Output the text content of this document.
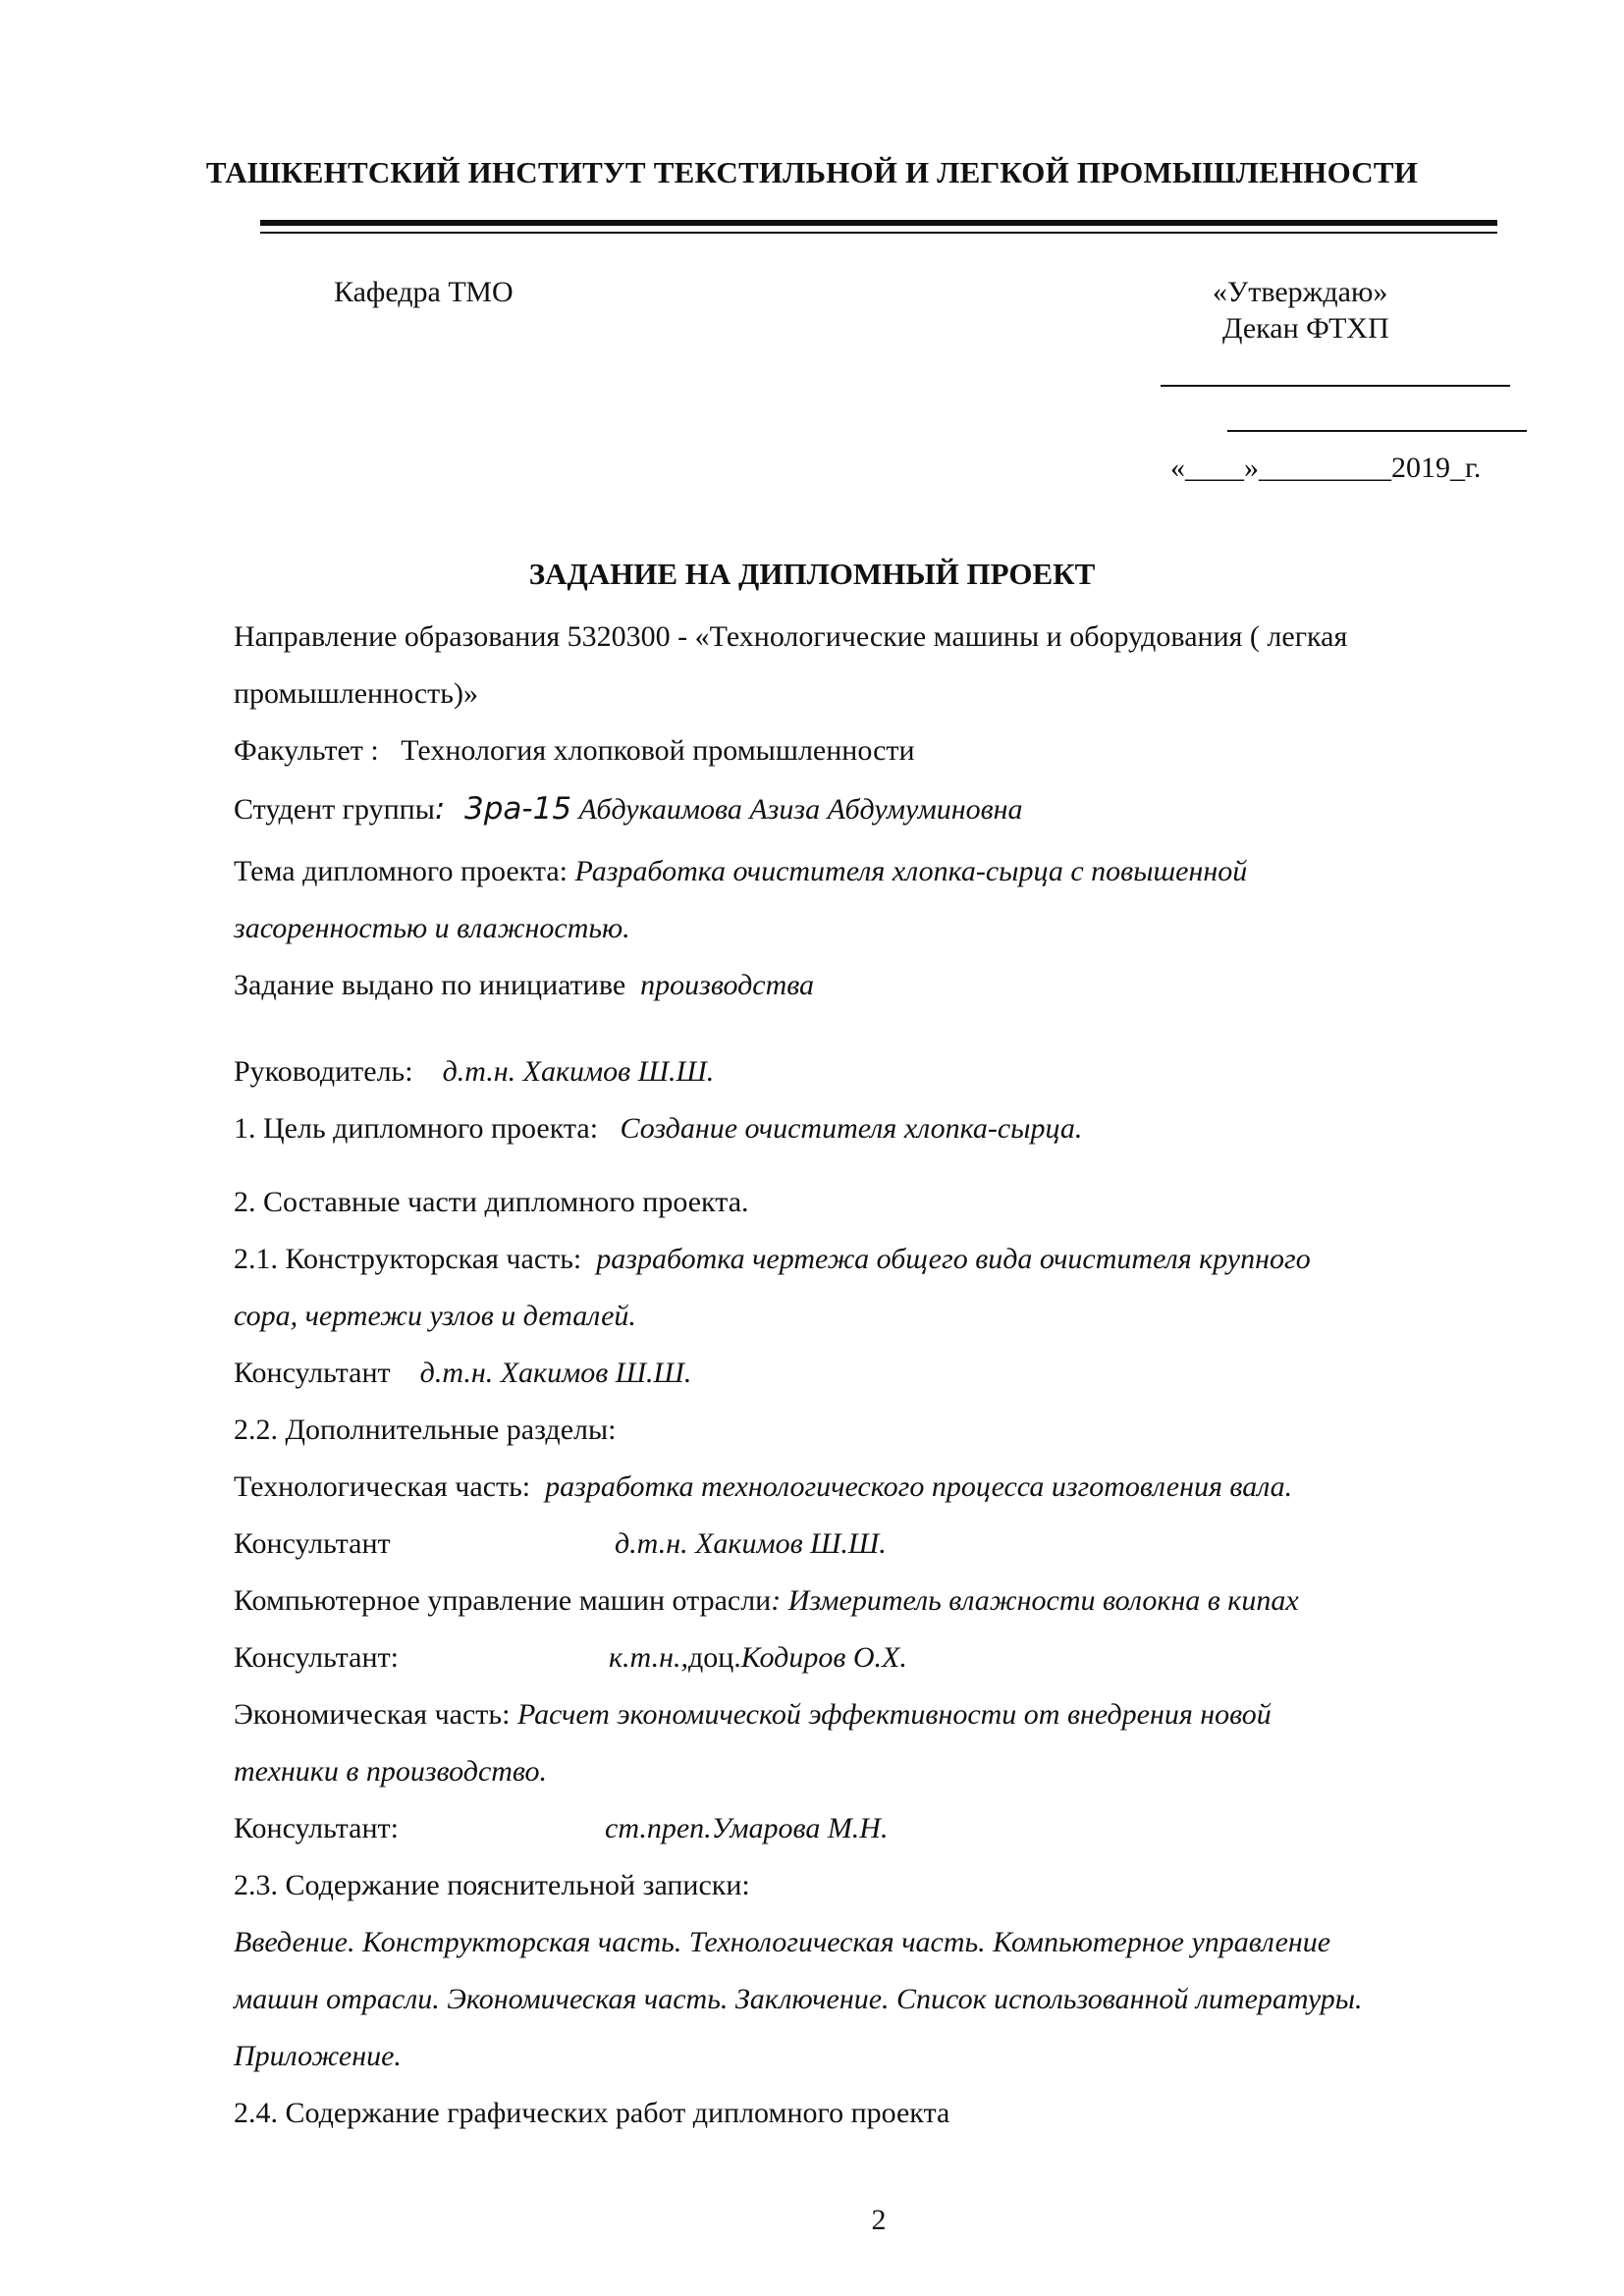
ТАШКЕНТСКИЙ ИНСТИТУТ ТЕКСТИЛЬНОЙ И ЛЕГКОЙ ПРОМЫШЛЕННОСТИ
Кафедра ТМО	«Утверждаю»
Декан ФТХП
«____»_________2019_г.
ЗАДАНИЕ НА ДИПЛОМНЫЙ ПРОЕКТ
Направление образования 5320300 - «Технологические машины и оборудования ( легкая
промышленность)»
Факультет :   Технология хлопковой промышленности
Студент группы:  3ра-15 Абдукаимова Азиза Абдумуминовна
Тема дипломного проекта: Разработка очистителя хлопка-сырца с повышенной
засоренностью и влажностью.
Задание выдано по инициативе  производства
Руководитель:    д.т.н. Хакимов Ш.Ш.
1. Цель дипломного проекта:   Создание очистителя хлопка-сырца.
2. Составные части дипломного проекта.
2.1. Конструкторская часть:  разработка чертежа общего вида очистителя крупного
сора, чертежи узлов и деталей.
Консультант    д.т.н. Хакимов Ш.Ш.
2.2. Дополнительные разделы:
Технологическая часть:  разработка технологического процесса изготовления вала.
Консультант	д.т.н. Хакимов Ш.Ш.
Компьютерное управление машин отрасли: Измеритель влажности волокна в кипах
Консультант:	к.т.н.,доц.Кодиров О.Х.
Экономическая часть: Расчет экономической эффективности от внедрения новой
техники в производство.
Консультант:	ст.преп.Умарова М.Н.
2.3. Содержание пояснительной записки:
Введение. Конструкторская часть. Технологическая часть. Компьютерное управление
машин отрасли. Экономическая часть. Заключение. Список использованной литературы.
Приложение.
2.4. Содержание графических работ дипломного проекта
2
